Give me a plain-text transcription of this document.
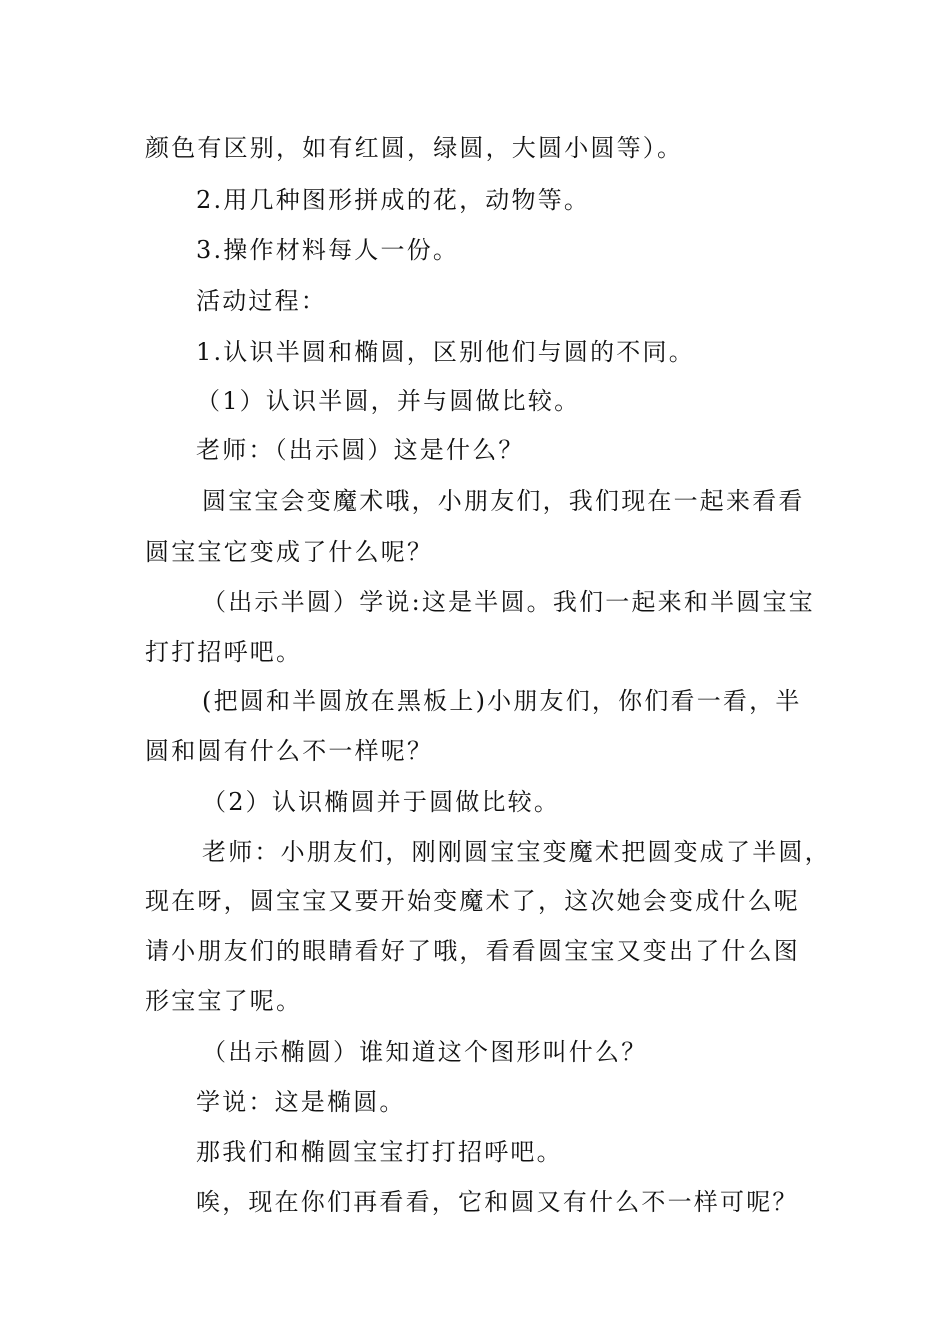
颜色有区别，如有红圆，绿圆，大圆小圆等）。
2.用几种图形拼成的花，动物等。
3.操作材料每人一份。
活动过程：
1.认识半圆和椭圆，区别他们与圆的不同。
（1）认识半圆，并与圆做比较。
老师：（出示圆）这是什么？
圆宝宝会变魔术哦，小朋友们，我们现在一起来看看
圆宝宝它变成了什么呢？
（出示半圆）学说:这是半圆。我们一起来和半圆宝宝
打打招呼吧。
(把圆和半圆放在黑板上)小朋友们，你们看一看，半
圆和圆有什么不一样呢？
（2）认识椭圆并于圆做比较。
老师：小朋友们，刚刚圆宝宝变魔术把圆变成了半圆，
现在呀，圆宝宝又要开始变魔术了，这次她会变成什么呢
请小朋友们的眼睛看好了哦，看看圆宝宝又变出了什么图
形宝宝了呢。
（出示椭圆）谁知道这个图形叫什么？
学说：这是椭圆。
那我们和椭圆宝宝打打招呼吧。
唉，现在你们再看看，它和圆又有什么不一样可呢？
